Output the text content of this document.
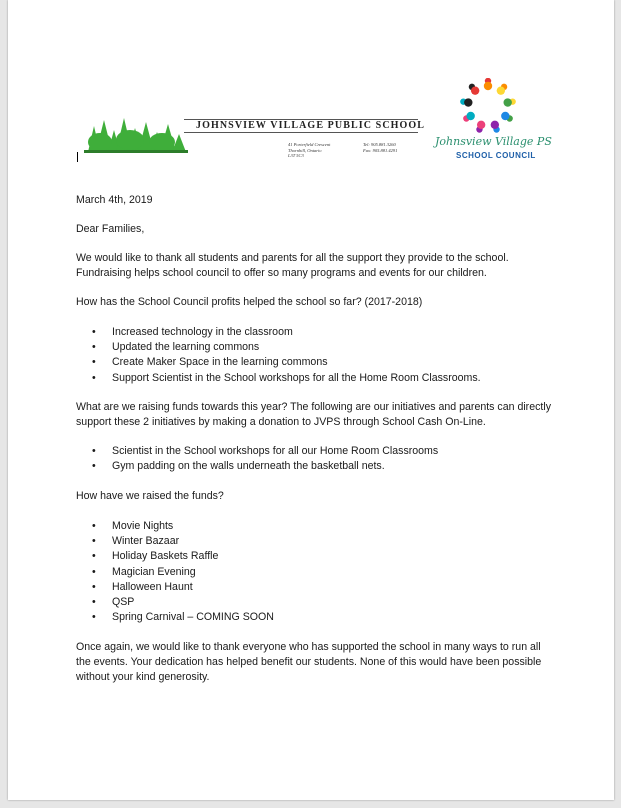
JOHNSVIEW VILLAGE PUBLIC SCHOOL
41 Porterfield Crescent
Thornhill, Ontario
L3T 5C3
Tel: 905.881.3260
Fax: 905.881.4291
Johnsview Village PS
SCHOOL COUNCIL
March 4th, 2019
Dear Families,
We would like to thank all students and parents for all the support they provide to the school. Fundraising helps school council to offer so many programs and events for our children.
How has the School Council profits helped the school so far? (2017-2018)
• Increased technology in the classroom
• Updated the learning commons
• Create Maker Space in the learning commons
• Support Scientist in the School workshops for all the Home Room Classrooms.
What are we raising funds towards this year? The following are our initiatives and parents can directly support these 2 initiatives by making a donation to JVPS through School Cash On-Line.
• Scientist in the School workshops for all our Home Room Classrooms
• Gym padding on the walls underneath the basketball nets.
How have we raised the funds?
• Movie Nights
• Winter Bazaar
• Holiday Baskets Raffle
• Magician Evening
• Halloween Haunt
• QSP
• Spring Carnival – COMING SOON
Once again, we would like to thank everyone who has supported the school in many ways to run all the events. Your dedication has helped benefit our students. None of this would have been possible without your kind generosity.
